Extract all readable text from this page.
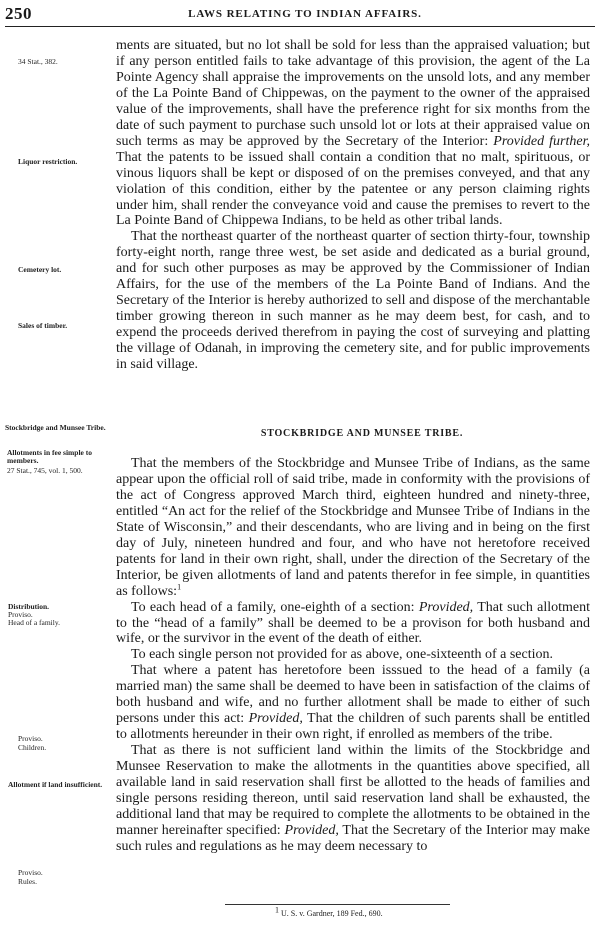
250	LAWS RELATING TO INDIAN AFFAIRS.
34 Stat., 382.
Liquor restriction.
Cemetery lot.
Sales of timber.
Stockbridge and Munsee Tribe.
Allotments in fee simple to members.
27 Stat., 745, vol. 1, 500.
Distribution.
Proviso.
Head of a family.
Proviso.
Children.
Allotment if land insufficient.
Proviso.
Rules.

ments are situated, but no lot shall be sold for less than the appraised valuation; but if any person entitled fails to take advantage of this provision, the agent of the La Pointe Agency shall appraise the improvements on the unsold lots, and any member of the La Pointe Band of Chippewas, on the payment to the owner of the appraised value of the improvements, shall have the preference right for six months from the date of such payment to purchase such unsold lot or lots at their appraised value on such terms as may be approved by the Secretary of the Interior: Provided further, That the patents to be issued shall contain a condition that no malt, spirituous, or vinous liquors shall be kept or disposed of on the premises conveyed, and that any violation of this condition, either by the patentee or any person claiming rights under him, shall render the conveyance void and cause the premises to revert to the La Pointe Band of Chippewa Indians, to be held as other tribal lands.

That the northeast quarter of the northeast quarter of section thirty-four, township forty-eight north, range three west, be set aside and dedicated as a burial ground, and for such other purposes as may be approved by the Commissioner of Indian Affairs, for the use of the members of the La Pointe Band of Indians. And the Secretary of the Interior is hereby authorized to sell and dispose of the merchantable timber growing thereon in such manner as he may deem best, for cash, and to expend the proceeds derived therefrom in paying the cost of surveying and platting the village of Odanah, in improving the cemetery site, and for public improvements in said village.

STOCKBRIDGE AND MUNSEE TRIBE.

That the members of the Stockbridge and Munsee Tribe of Indians, as the same appear upon the official roll of said tribe, made in conformity with the provisions of the act of Congress approved March third, eighteen hundred and ninety-three, entitled “An act for the relief of the Stockbridge and Munsee Tribe of Indians in the State of Wisconsin,” and their descendants, who are living and in being on the first day of July, nineteen hundred and four, and who have not heretofore received patents for land in their own right, shall, under the direction of the Secretary of the Interior, be given allotments of land and patents therefor in fee simple, in quantities as follows:$^1$

To each head of a family, one-eighth of a section: Provided, That such allotment to the “head of a family” shall be deemed to be a provison for both husband and wife, or the survivor in the event of the death of either.

To each single person not provided for as above, one-sixteenth of a section.

That where a patent has heretofore been isssued to the head of a family (a married man) the same shall be deemed to have been in satisfaction of the claims of both husband and wife, and no further allotment shall be made to either of such persons under this act: Provided, That the children of such parents shall be entitled to allotments hereunder in their own right, if enrolled as members of the tribe.

That as there is not sufficient land within the limits of the Stockbridge and Munsee Reservation to make the allotments in the quantities above specified, all available land in said reservation shall first be allotted to the heads of families and single persons residing thereon, until said reservation land shall be exhausted, the additional land that may be required to complete the allotments to be obtained in the manner hereinafter specified: Provided, That the Secretary of the Interior may make such rules and regulations as he may deem necessary to

$^1$ U. S. v. Gardner, 189 Fed., 690.
